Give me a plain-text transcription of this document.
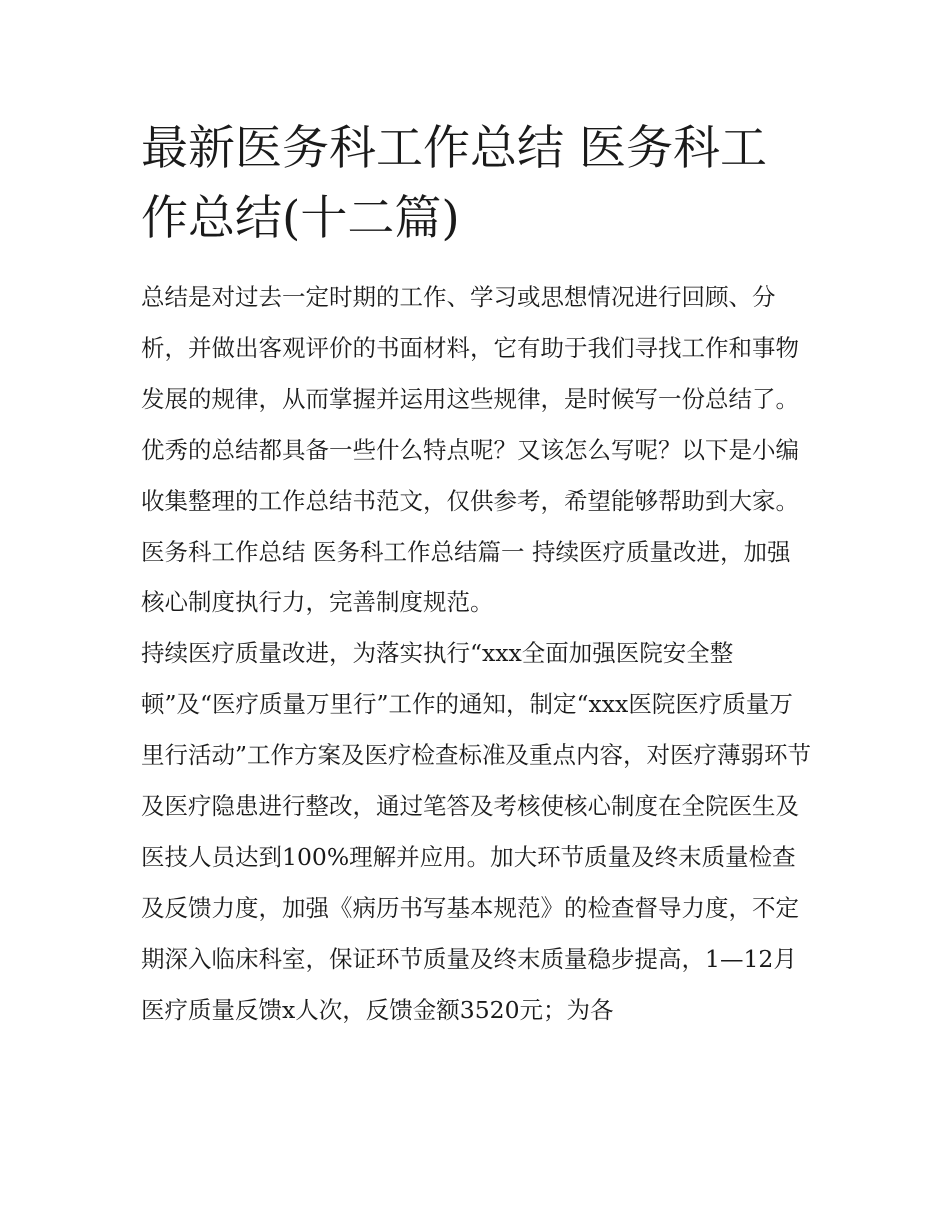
最新医务科工作总结 医务科工作总结(十二篇)

总结是对过去一定时期的工作、学习或思想情况进行回顾、分析，并做出客观评价的书面材料，它有助于我们寻找工作和事物发展的规律，从而掌握并运用这些规律，是时候写一份总结了。优秀的总结都具备一些什么特点呢？又该怎么写呢？以下是小编收集整理的工作总结书范文，仅供参考，希望能够帮助到大家。

医务科工作总结 医务科工作总结篇一 持续医疗质量改进，加强核心制度执行力，完善制度规范。

持续医疗质量改进，为落实执行“xxx全面加强医院安全整顿”及“医疗质量万里行”工作的通知，制定“xxx医院医疗质量万里行活动”工作方案及医疗检查标准及重点内容，对医疗薄弱环节及医疗隐患进行整改，通过笔答及考核使核心制度在全院医生及医技人员达到100%理解并应用。加大环节质量及终末质量检查及反馈力度，加强《病历书写基本规范》的检查督导力度，不定期深入临床科室，保证环节质量及终末质量稳步提高，1—12月医疗质量反馈x人次，反馈金额3520元；为各
